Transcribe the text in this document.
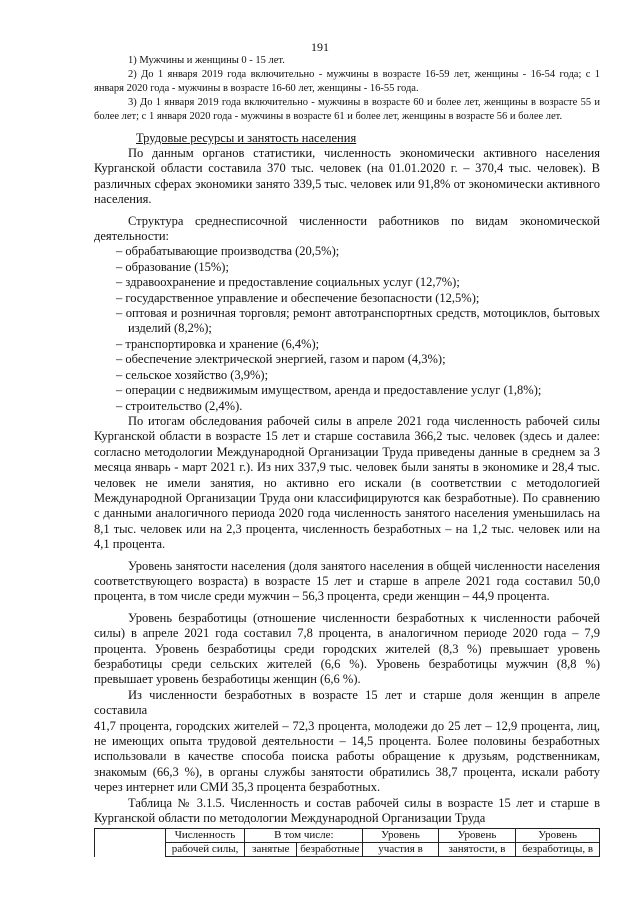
191

1) Мужчины и женщины 0 - 15 лет.

2) До 1 января 2019 года включительно - мужчины в возрасте 16-59 лет, женщины - 16-54 года; с 1 января 2020 года - мужчины в возрасте 16-60 лет, женщины - 16-55 года.

3) До 1 января 2019 года включительно - мужчины в возрасте 60 и более лет, женщины в возрасте 55 и более лет; с 1 января 2020 года - мужчины в возрасте 61 и более лет, женщины в возрасте 56 и более лет.

Трудовые ресурсы и занятость населения

По данным органов статистики, численность экономически активного населения Курганской области составила 370 тыс. человек (на 01.01.2020 г. – 370,4 тыс. человек). В различных сферах экономики занято 339,5 тыс. человек или 91,8% от экономически активного населения.

Структура среднесписочной численности работников по видам экономической деятельности:

– обрабатывающие производства (20,5%);
– образование (15%);
– здравоохранение и предоставление социальных услуг (12,7%);
– государственное управление и обеспечение безопасности (12,5%);
– оптовая и розничная торговля; ремонт автотранспортных средств, мотоциклов, бытовых изделий (8,2%);
– транспортировка и хранение (6,4%);
– обеспечение электрической энергией, газом и паром (4,3%);
– сельское хозяйство (3,9%);
– операции с недвижимым имуществом, аренда и предоставление услуг (1,8%);
– строительство (2,4%).

По итогам обследования рабочей силы в апреле 2021 года численность рабочей силы Курганской области в возрасте 15 лет и старше составила 366,2 тыс. человек (здесь и далее: согласно методологии Международной Организации Труда приведены данные в среднем за 3 месяца январь - март 2021 г.). Из них 337,9 тыс. человек были заняты в экономике и 28,4 тыс. человек не имели занятия, но активно его искали (в соответствии с методологией Международной Организации Труда они классифицируются как безработные). По сравнению с данными аналогичного периода 2020 года численность занятого населения уменьшилась на 8,1 тыс. человек или на 2,3 процента, численность безработных – на 1,2 тыс. человек или на 4,1 процента.

Уровень занятости населения (доля занятого населения в общей численности населения соответствующего возраста) в возрасте 15 лет и старше в апреле 2021 года составил 50,0 процента, в том числе среди мужчин – 56,3 процента, среди женщин – 44,9 процента.

Уровень безработицы (отношение численности безработных к численности рабочей силы) в апреле 2021 года составил 7,8 процента, в аналогичном периоде 2020 года – 7,9 процента. Уровень безработицы среди городских жителей (8,3 %) превышает уровень безработицы среди сельских жителей (6,6 %). Уровень безработицы мужчин (8,8 %) превышает уровень безработицы женщин (6,6 %).

Из численности безработных в возрасте 15 лет и старше доля женщин в апреле составила

41,7 процента, городских жителей – 72,3 процента, молодежи до 25 лет – 12,9 процента, лиц, не имеющих опыта трудовой деятельности – 14,5 процента. Более половины безработных использовали в качестве способа поиска работы обращение к друзьям, родственникам, знакомым (66,3 %), в органы службы занятости обратились 38,7 процента, искали работу через интернет или СМИ 35,3 процента безработных.

Таблица № 3.1.5. Численность и состав рабочей силы в возрасте 15 лет и старше в Курганской области по методологии Международной Организации Труда

	Численность	В том числе:		Уровень	Уровень	Уровень
	рабочей силы,	занятые	безработные	участия в	занятости, в	безработицы, в
